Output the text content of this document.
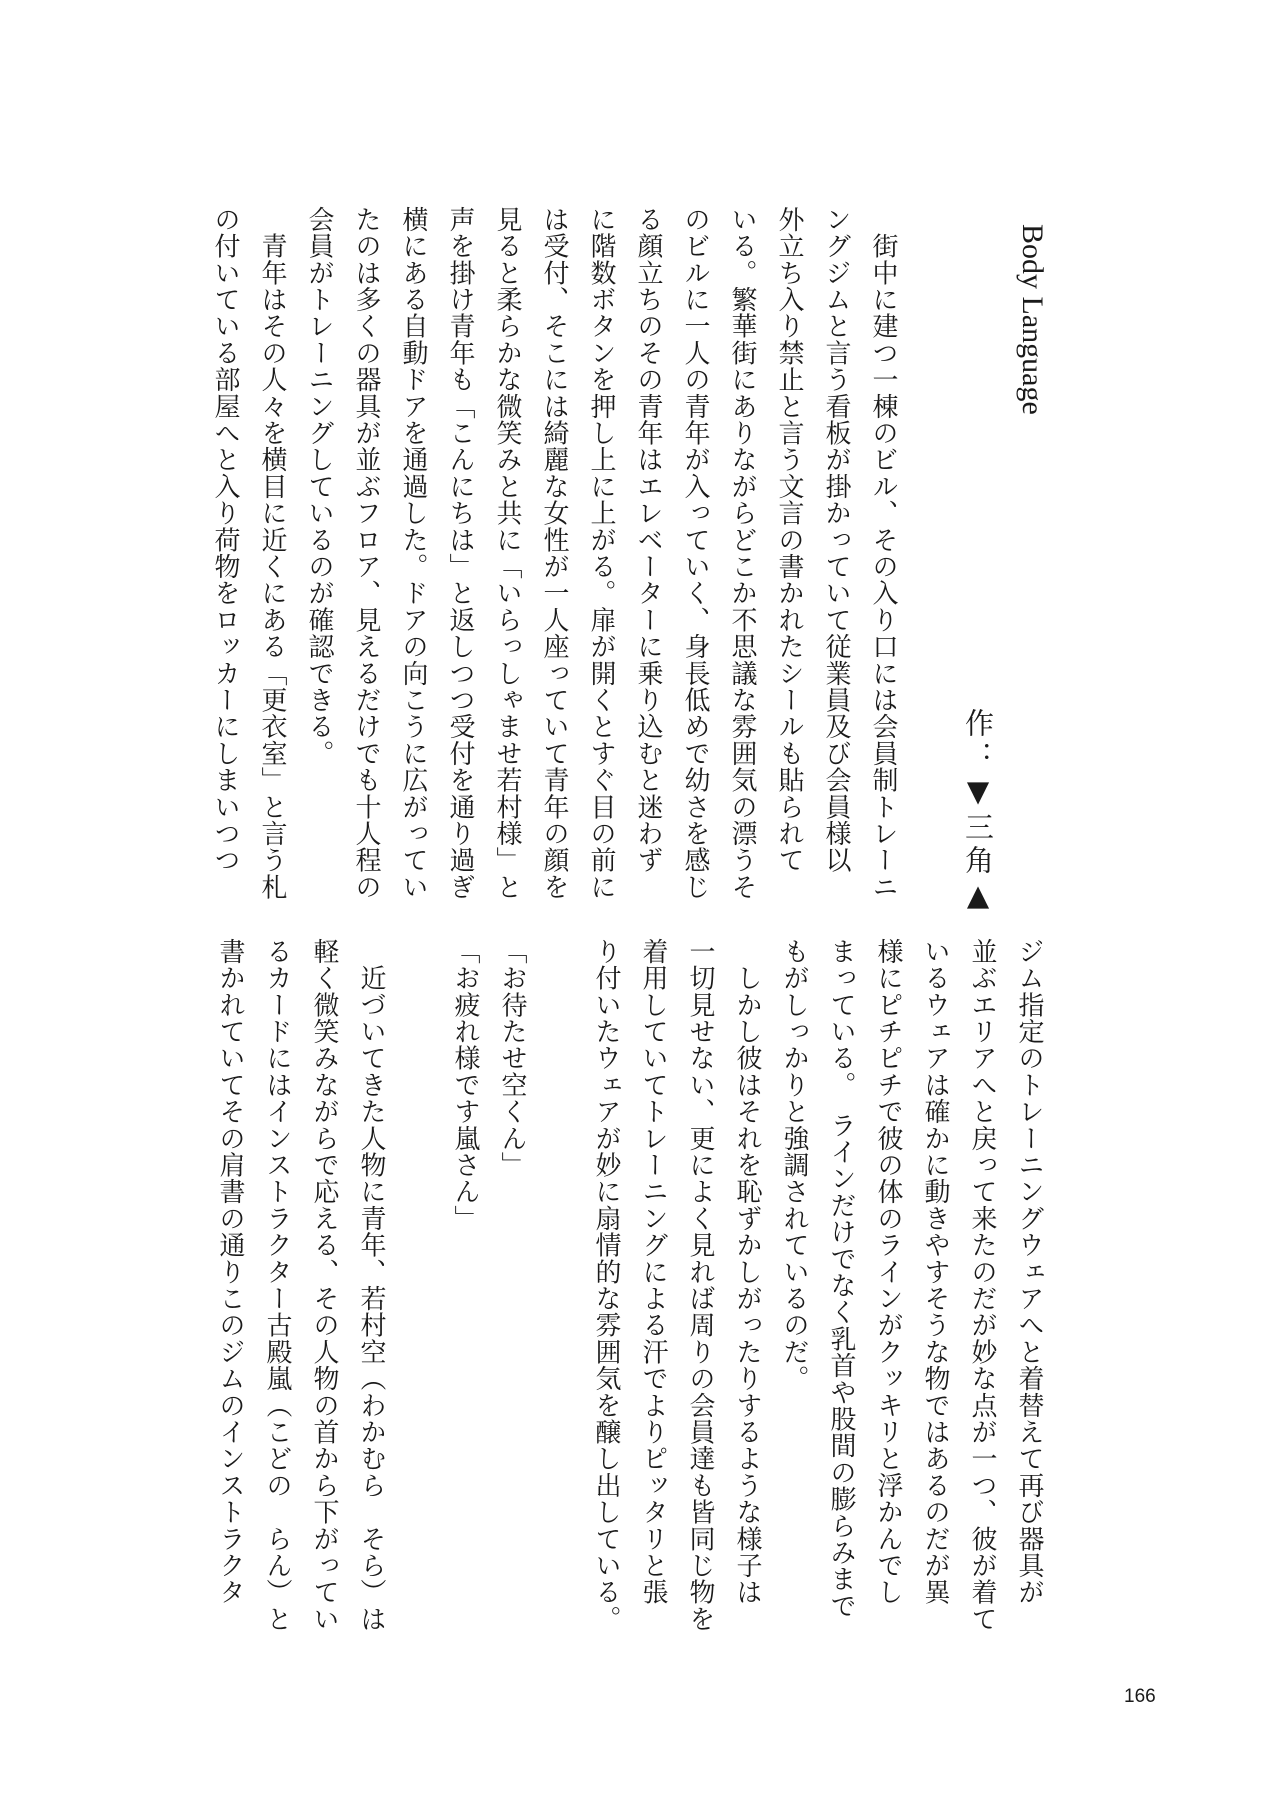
Body Language
作：▼三角▲
　街中に建つ一棟のビル、その入り口には会員制トレーニ
ングジムと言う看板が掛かっていて従業員及び会員様以
外立ち入り禁止と言う文言の書かれたシールも貼られて
いる。繁華街にありながらどこか不思議な雰囲気の漂うそ
のビルに一人の青年が入っていく、身長低めで幼さを感じ
る顔立ちのその青年はエレベーターに乗り込むと迷わず
に階数ボタンを押し上に上がる。扉が開くとすぐ目の前に
は受付、そこには綺麗な女性が一人座っていて青年の顔を
見ると柔らかな微笑みと共に「いらっしゃませ若村様」と
声を掛け青年も「こんにちは」と返しつつ受付を通り過ぎ
横にある自動ドアを通過した。ドアの向こうに広がってい
たのは多くの器具が並ぶフロア、見えるだけでも十人程の
会員がトレーニングしているのが確認できる。
　青年はその人々を横目に近くにある「更衣室」と言う札
の付いている部屋へと入り荷物をロッカーにしまいつつ
ジム指定のトレーニングウェアへと着替えて再び器具が
並ぶエリアへと戻って来たのだが妙な点が一つ、彼が着て
いるウェアは確かに動きやすそうな物ではあるのだが異
様にピチピチで彼の体のラインがクッキリと浮かんでし
まっている。　ラインだけでなく乳首や股間の膨らみまで
もがしっかりと強調されているのだ。
　しかし彼はそれを恥ずかしがったりするような様子は
一切見せない、更によく見れば周りの会員達も皆同じ物を
着用していてトレーニングによる汗でよりピッタリと張
り付いたウェアが妙に扇情的な雰囲気を醸し出している。

「お待たせ空くん」
「お疲れ様です嵐さん」

　近づいてきた人物に青年、若村空（わかむら　そら）は
軽く微笑みながらで応える、その人物の首から下がってい
るカードにはインストラクター古殿嵐（こどの　らん）と
書かれていてその肩書の通りこのジムのインストラクタ
166
